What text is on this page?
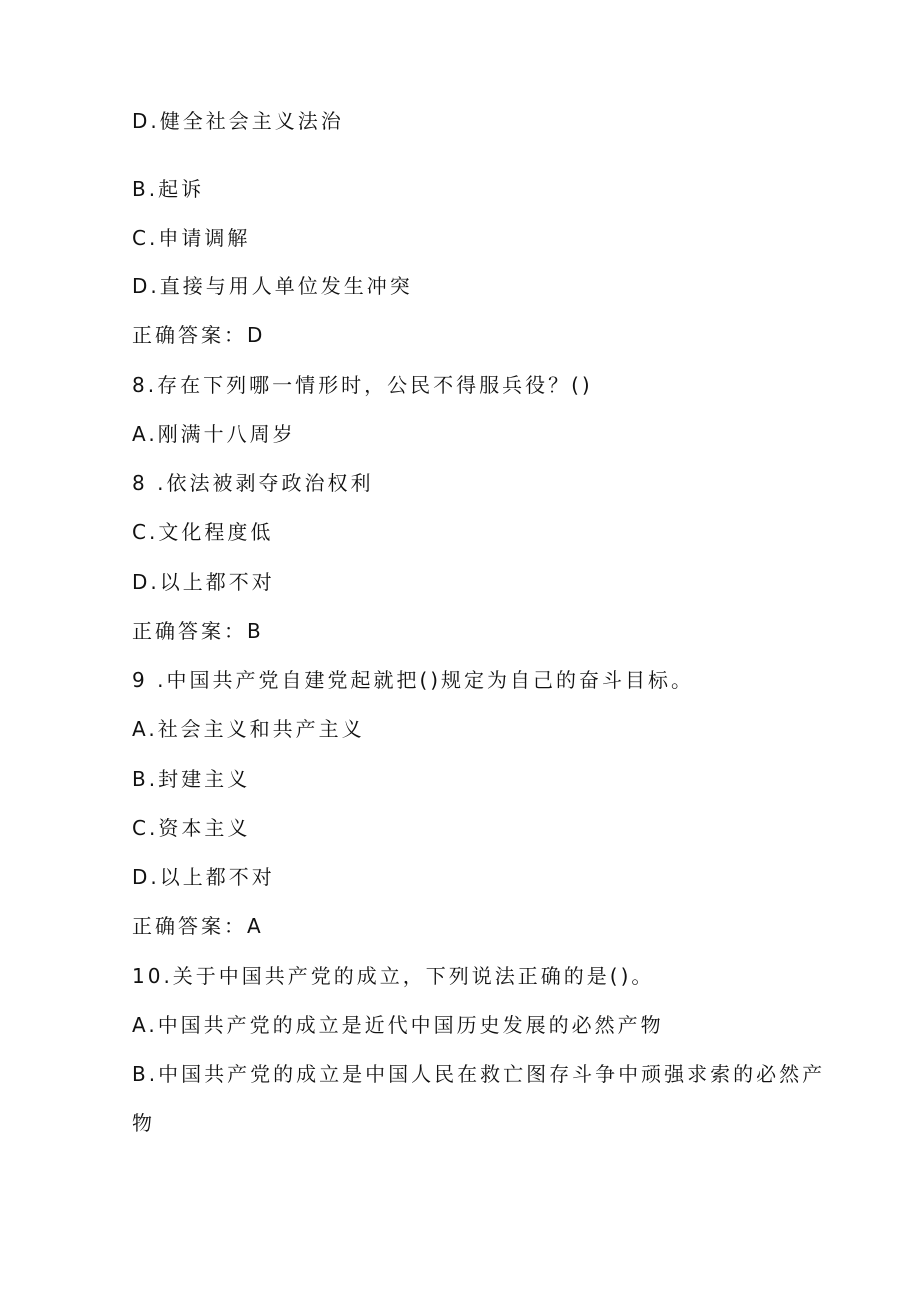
D.健全社会主义法治
B.起诉
C.申请调解
D.直接与用人单位发生冲突
正确答案：D
8.存在下列哪一情形时，公民不得服兵役？()
A.刚满十八周岁
8 .依法被剥夺政治权利
C.文化程度低
D.以上都不对
正确答案：B
9 .中国共产党自建党起就把()规定为自己的奋斗目标。
A.社会主义和共产主义
B.封建主义
C.资本主义
D.以上都不对
正确答案：A
10.关于中国共产党的成立，下列说法正确的是()。
A.中国共产党的成立是近代中国历史发展的必然产物
B.中国共产党的成立是中国人民在救亡图存斗争中顽强求索的必然产
物
